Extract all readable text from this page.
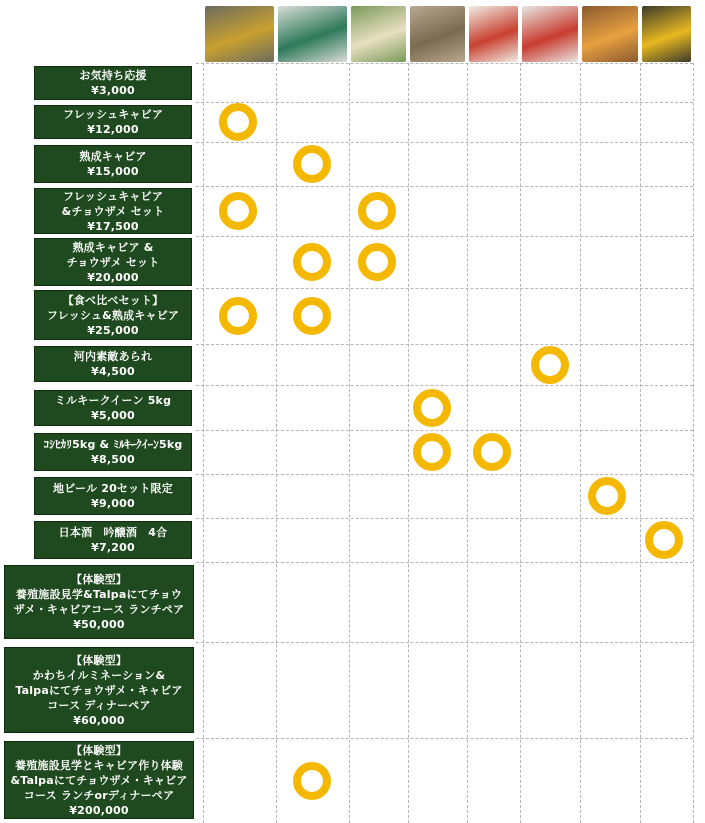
お気持ち応援
¥3,000
フレッシュキャビア
¥12,000
熟成キャビア
¥15,000
フレッシュキャビア
&チョウザメ セット
¥17,500
熟成キャビア &
チョウザメ セット
¥20,000
【食べ比べセット】
フレッシュ&熟成キャビア
¥25,000
河内素敵あられ
¥4,500
ミルキークイーン 5kg
¥5,000
ｺｼﾋｶﾘ5kg & ﾐﾙｷｰｸｲｰﾝ5kg
¥8,500
地ビール 20セット限定
¥9,000
日本酒　吟醸酒　4合
¥7,200
【体験型】
養殖施設見学&Talpaにてチョウ
ザメ・キャビアコース ランチペア
¥50,000
【体験型】
かわちイルミネーション&
Talpaにてチョウザメ・キャビア
コース ディナーペア
¥60,000
【体験型】
養殖施設見学とキャビア作り体験
&Talpaにてチョウザメ・キャビア
コース ランチorディナーペア
¥200,000
